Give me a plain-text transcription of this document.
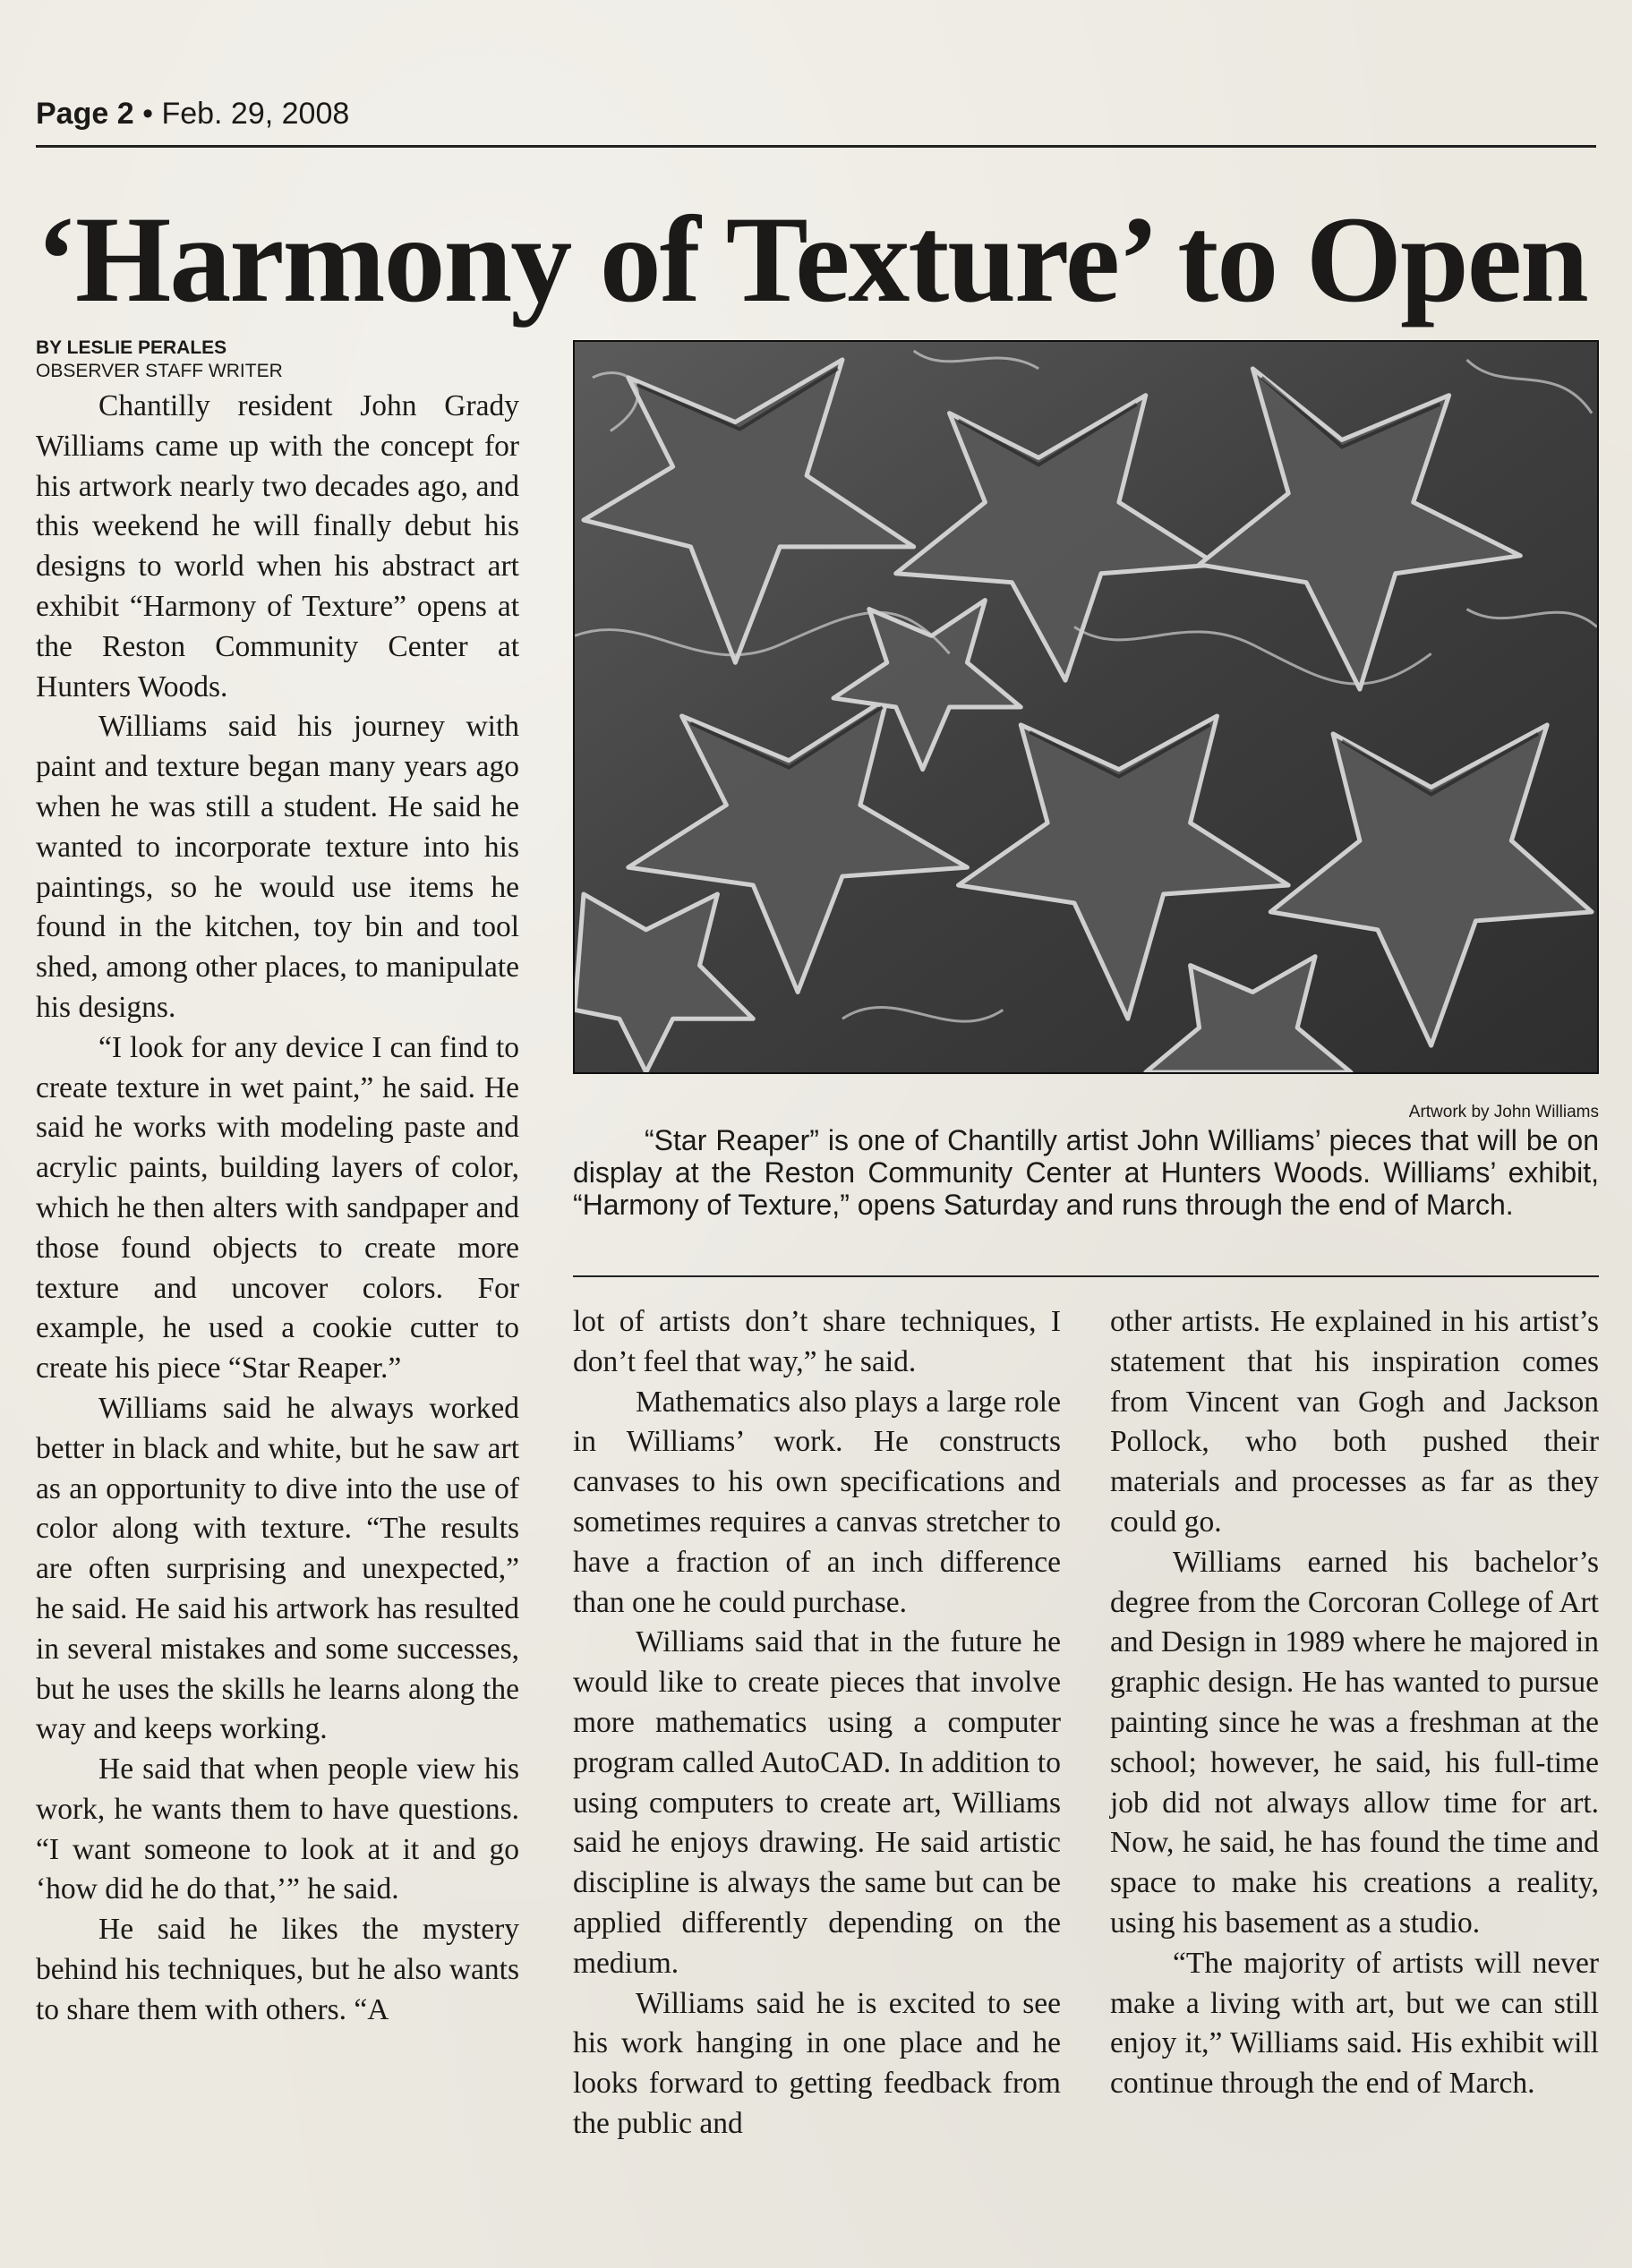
Page 2 • Feb. 29, 2008
‘Harmony of Texture’ to Open
BY LESLIE PERALES
OBSERVER STAFF WRITER

Chantilly resident John Grady Williams came up with the concept for his artwork nearly two decades ago, and this weekend he will finally debut his designs to world when his abstract art exhibit “Harmony of Texture” opens at the Reston Community Center at Hunters Woods.

Williams said his journey with paint and texture began many years ago when he was still a student. He said he wanted to incorporate texture into his paintings, so he would use items he found in the kitchen, toy bin and tool shed, among other places, to manipulate his designs.

“I look for any device I can find to create texture in wet paint,” he said. He said he works with modeling paste and acrylic paints, building layers of color, which he then alters with sandpaper and those found objects to create more texture and uncover colors. For example, he used a cookie cutter to create his piece “Star Reaper.”

Williams said he always worked better in black and white, but he saw art as an opportunity to dive into the use of color along with texture. “The results are often surprising and unexpected,” he said. He said his artwork has resulted in several mistakes and some successes, but he uses the skills he learns along the way and keeps working.

He said that when people view his work, he wants them to have questions. “I want someone to look at it and go ‘how did he do that,’” he said.

He said he likes the mystery behind his techniques, but he also wants to share them with others. “A

Artwork by John Williams

“Star Reaper” is one of Chantilly artist John Williams’ pieces that will be on display at the Reston Community Center at Hunters Woods. Williams’ exhibit, “Harmony of Texture,” opens Saturday and runs through the end of March.

lot of artists don’t share techniques, I don’t feel that way,” he said.

Mathematics also plays a large role in Williams’ work. He constructs canvases to his own specifications and sometimes requires a canvas stretcher to have a fraction of an inch difference than one he could purchase.

Williams said that in the future he would like to create pieces that involve more mathematics using a computer program called AutoCAD. In addition to using computers to create art, Williams said he enjoys drawing. He said artistic discipline is always the same but can be applied differently depending on the medium.

Williams said he is excited to see his work hanging in one place and he looks forward to getting feedback from the public and

other artists. He explained in his artist’s statement that his inspiration comes from Vincent van Gogh and Jackson Pollock, who both pushed their materials and processes as far as they could go.

Williams earned his bachelor’s degree from the Corcoran College of Art and Design in 1989 where he majored in graphic design. He has wanted to pursue painting since he was a freshman at the school; however, he said, his full-time job did not always allow time for art. Now, he said, he has found the time and space to make his creations a reality, using his basement as a studio.

“The majority of artists will never make a living with art, but we can still enjoy it,” Williams said. His exhibit will continue through the end of March.
